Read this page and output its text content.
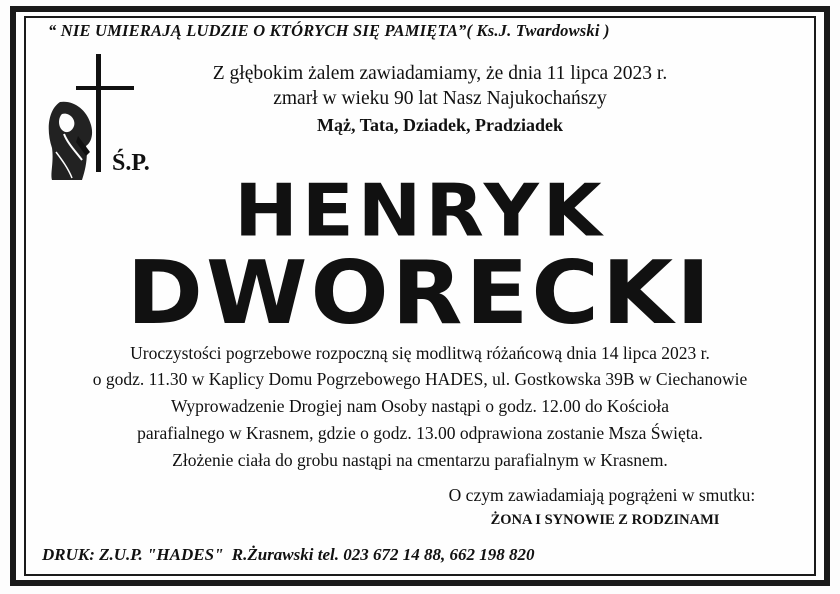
“ NIE UMIERAJĄ LUDZIE O KTÓRYCH SIĘ PAMIĘTA”( Ks.J. Twardowski )
Ś.P.
Z głębokim żalem zawiadamiamy, że dnia 11 lipca 2023 r.
zmarł w wieku 90 lat Nasz Najukochańszy
Mąż, Tata, Dziadek, Pradziadek
HENRYK
DWORECKI
Uroczystości pogrzebowe rozpoczną się modlitwą różańcową dnia 14 lipca 2023 r.
o godz. 11.30 w Kaplicy Domu Pogrzebowego HADES, ul. Gostkowska 39B w Ciechanowie
Wyprowadzenie Drogiej nam Osoby nastąpi o godz. 12.00 do Kościoła
parafialnego w Krasnem, gdzie o godz. 13.00 odprawiona zostanie Msza Święta.
Złożenie ciała do grobu nastąpi na cmentarzu parafialnym w Krasnem.
O czym zawiadamiają pogrążeni w smutku:
ŻONA I SYNOWIE Z RODZINAMI
DRUK: Z.U.P. "HADES" R.Żurawski tel. 023 672 14 88, 662 198 820
